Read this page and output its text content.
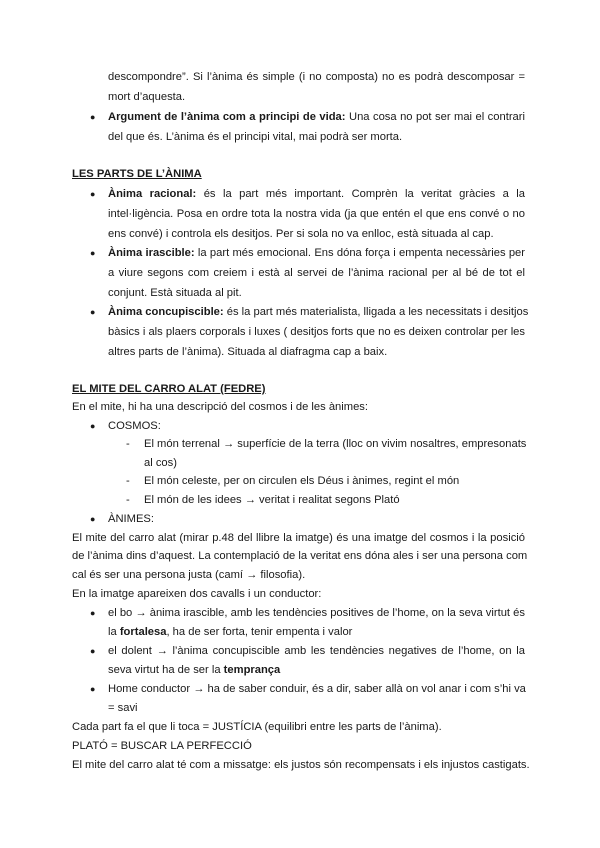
descompondre”. Si l’ànima és simple (i no composta) no es podrà descomposar =
mort d’aquesta.
● Argument de l’ànima com a principi de vida: Una cosa no pot ser mai el contrari
del que és. L’ànima és el principi vital, mai podrà ser morta.
LES PARTS DE L’ÀNIMA
● Ànima racional: és la part més important. Comprèn la veritat gràcies a la
intel·ligència. Posa en ordre tota la nostra vida (ja que entén el que ens convé o no
ens convé) i controla els desitjos. Per si sola no va enlloc, està situada al cap.
● Ànima irascible: la part més emocional. Ens dóna força i empenta necessàries per
a viure segons com creiem i està al servei de l’ànima racional per al bé de tot el
conjunt. Està situada al pit.
● Ànima concupiscible: és la part més materialista, lligada a les necessitats i desitjos
bàsics i als plaers corporals i luxes ( desitjos forts que no es deixen controlar per les
altres parts de l’ànima). Situada al diafragma cap a baix.
EL MITE DEL CARRO ALAT (FEDRE)
En el mite, hi ha una descripció del cosmos i de les ànimes:
● COSMOS:
- El món terrenal → superfície de la terra (lloc on vivim nosaltres, empresonats
al cos)
- El món celeste, per on circulen els Déus i ànimes, regint el món
- El món de les idees → veritat i realitat segons Plató
● ÀNIMES:
El mite del carro alat (mirar p.48 del llibre la imatge) és una imatge del cosmos i la posició
de l’ànima dins d’aquest. La contemplació de la veritat ens dóna ales i ser una persona com
cal és ser una persona justa (camí → filosofia).
En la imatge apareixen dos cavalls i un conductor:
● el bo → ànima irascible, amb les tendències positives de l’home, on la seva virtut és
la fortalesa, ha de ser forta, tenir empenta i valor
● el dolent → l’ànima concupiscible amb les tendències negatives de l’home, on la
seva virtut ha de ser la temprança
● Home conductor → ha de saber conduir, és a dir, saber allà on vol anar i com s’hi va
= savi
Cada part fa el que li toca = JUSTÍCIA (equilibri entre les parts de l’ànima).
PLATÓ = BUSCAR LA PERFECCIÓ
El mite del carro alat té com a missatge: els justos són recompensats i els injustos castigats.
